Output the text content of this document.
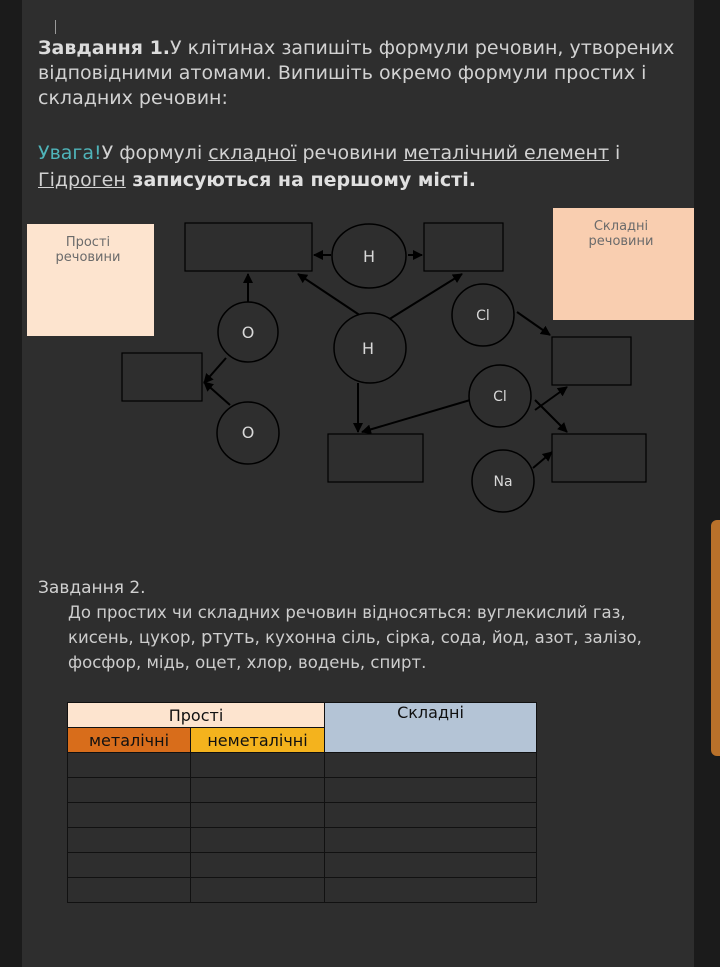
Завдання 1.У клітинах запишіть формули речовин, утворених
відповідними атомами. Випишіть окремо формули простих і
складних речовин:
Увага!У формулі складної речовини металічний елемент і
Гідроген записуються на першому місті.
Прості
речовини
Складні
речовини
H
H
O
O
Cl
Cl
Na
Завдання 2.
До простих чи складних речовин відносяться: вуглекислий газ, кисень, цукор, ртуть, кухонна сіль, сірка, сода, йод, азот, залізо, фосфор, мідь, оцет, хлор, водень, спирт.
Прості		Складні
металічні	неметалічні	
